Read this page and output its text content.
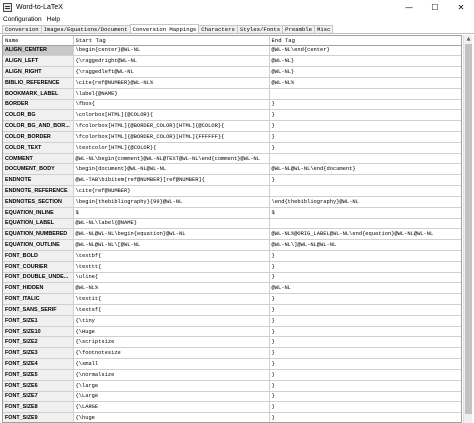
Word-to-LaTeX	—	☐	✕
Configuration Help
Conversion Images/Equations/Document Conversion Mappings Characters Styles/Fonts Preamble Misc
Name	Start Tag	End Tag
ALIGN_CENTER	\begin{center}@WL-NL	@WL-NL\end{center}
ALIGN_LEFT	{\raggedright@WL-NL	@WL-NL}
ALIGN_RIGHT	{\raggedleft@WL-NL	@WL-NL}
BIBLIO_REFERENCE	\cite{ref@NUMBER}@WL-NL%	@WL-NL%
BOOKMARK_LABEL	\label{@NAME}	
BORDER	\fbox{	}
COLOR_BG	\colorbox[HTML]{@COLOR}{	}
COLOR_BG_AND_BOR...	\fcolorbox[HTML]{@BORDER_COLOR}[HTML]{@COLOR}{	}
COLOR_BORDER	\fcolorbox[HTML]{@BORDER_COLOR}[HTML]{FFFFFF}{	}
COLOR_TEXT	\textcolor[HTML]{@COLOR}{	}
COMMENT	@WL-NL\begin{comment}@WL-NL@TEXT@WL-NL\end{comment}@WL-NL	
DOCUMENT_BODY	\begin{document}@WL-NL@WL-NL	@WL-NL@WL-NL\end{document}
ENDNOTE	@WL-TAB\bibitem{ref@NUMBER}[ref@NUMBER]{	}
ENDNOTE_REFERENCE	\cite{ref@NUMBER}	
ENDNOTES_SECTION	\begin{thebibliography}{99}@WL-NL	\end{thebibliography}@WL-NL
EQUATION_INLINE	$	$
EQUATION_LABEL	@WL-NL\label{@NAME}	
EQUATION_NUMBERED	@WL-NL@WL-NL\begin{equation}@WL-NL	@WL-NL%@ORIG_LABEL@WL-NL\end{equation}@WL-NL@WL-NL
EQUATION_OUTLINE	@WL-NL@WL-NL\[@WL-NL	@WL-NL\]@WL-NL@WL-NL
FONT_BOLD	\textbf{	}
FONT_COURIER	\texttt{	}
FONT_DOUBLE_UNDE...	\uline{	}
FONT_HIDDEN	@WL-NL%	@WL-NL
FONT_ITALIC	\textit{	}
FONT_SANS_SERIF	\textsf{	}
FONT_SIZE1	{\tiny	}
FONT_SIZE10	{\Huge	}
FONT_SIZE2	{\scriptsize	}
FONT_SIZE3	{\footnotesize	}
FONT_SIZE4	{\small	}
FONT_SIZE5	{\normalsize	}
FONT_SIZE6	{\large	}
FONT_SIZE7	{\Large	}
FONT_SIZE8	{\LARGE	}
FONT_SIZE9	{\huge	}
▲
